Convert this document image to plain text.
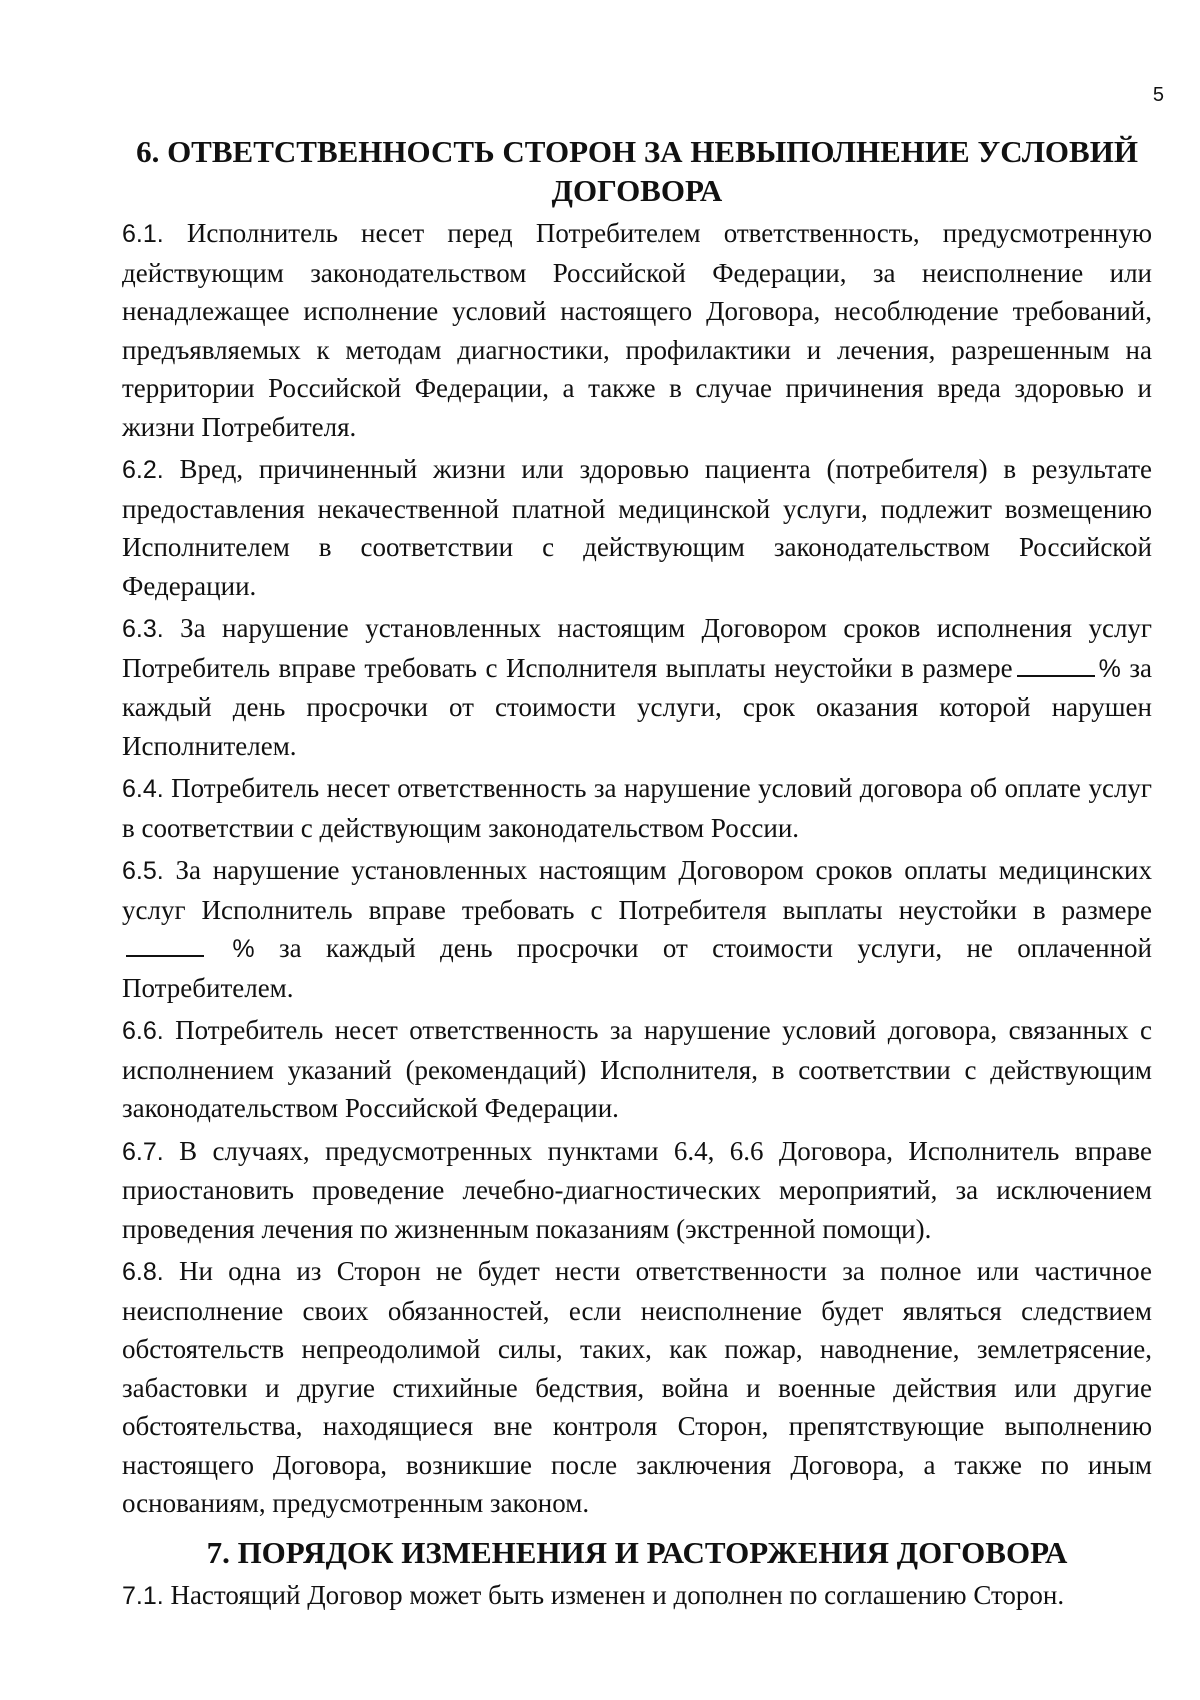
5
6. ОТВЕТСТВЕННОСТЬ СТОРОН ЗА НЕВЫПОЛНЕНИЕ УСЛОВИЙ
ДОГОВОРА

6.1. Исполнитель несет перед Потребителем ответственность, предусмотренную действующим законодательством Российской Федерации, за неисполнение или ненадлежащее исполнение условий настоящего Договора, несоблюдение требований, предъявляемых к методам диагностики, профилактики и лечения, разрешенным на территории Российской Федерации, а также в случае причинения вреда здоровью и жизни Потребителя.

6.2. Вред, причиненный жизни или здоровью пациента (потребителя) в результате предоставления некачественной платной медицинской услуги, подлежит возмещению Исполнителем в соответствии с действующим законодательством Российской Федерации.

6.3. За нарушение установленных настоящим Договором сроков исполнения услуг Потребитель вправе требовать с Исполнителя выплаты неустойки в размере	% за каждый день просрочки от стоимости услуги, срок оказания которой нарушен Исполнителем.

6.4. Потребитель несет ответственность за нарушение условий договора об оплате услуг в соответствии с действующим законодательством России.

6.5. За нарушение установленных настоящим Договором сроков оплаты медицинских услуг Исполнитель вправе требовать с Потребителя выплаты неустойки в размере  % за каждый день просрочки от стоимости услуги, не оплаченной Потребителем.

6.6. Потребитель несет ответственность за нарушение условий договора, связанных с исполнением указаний (рекомендаций) Исполнителя, в соответствии с действующим законодательством Российской Федерации.

6.7. В случаях, предусмотренных пунктами 6.4, 6.6 Договора, Исполнитель вправе приостановить проведение лечебно-диагностических мероприятий, за исключением проведения лечения по жизненным показаниям (экстренной помощи).

6.8. Ни одна из Сторон не будет нести ответственности за полное или частичное неисполнение своих обязанностей, если неисполнение будет являться следствием обстоятельств непреодолимой силы, таких, как пожар, наводнение, землетрясение, забастовки и другие стихийные бедствия, война и военные действия или другие обстоятельства, находящиеся вне контроля Сторон, препятствующие выполнению настоящего Договора, возникшие после заключения Договора, а также по иным основаниям, предусмотренным законом.

7. ПОРЯДОК ИЗМЕНЕНИЯ И РАСТОРЖЕНИЯ ДОГОВОРА

7.1. Настоящий Договор может быть изменен и дополнен по соглашению Сторон.
